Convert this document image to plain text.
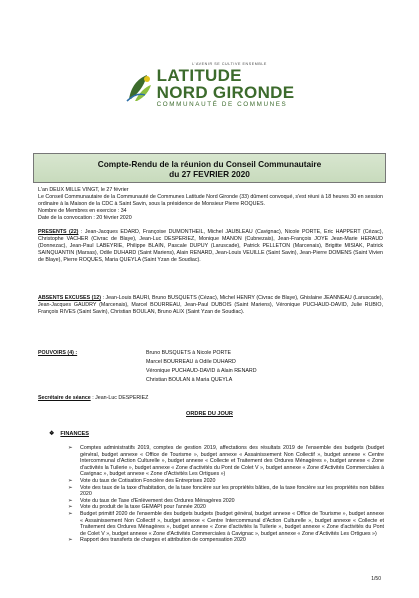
L'AVENIR SE CULTIVE ENSEMBLE
LATITUDE
NORD GIRONDE
COMMUNAUTÉ DE COMMUNES
Compte-Rendu de la réunion du Conseil Communautaire
du 27 FEVRIER 2020

L'an DEUX MILLE VINGT, le 27 février

Le Conseil Communautaire de la Communauté de Communes Latitude Nord Gironde (33) dûment convoqué, s'est réuni à 18 heures 30 en session ordinaire à la Maison de la CDC à Saint Savin, sous la présidence de Monsieur Pierre ROQUES.

Nombre de Membres en exercice : 34

Date de la convocation : 20 février 2020

PRESENTS (22) : Jean-Jacques EDARD, Françoise DUMONTHEIL, Michel JAUBLEAU (Cavignac), Nicole PORTE, Eric HAPPERT (Cézac), Christophe VACHER (Civrac de Blaye), Jean-Luc DESPERIEZ, Monique MANON (Cubnezais), Jean-François JOYE Jean-Marie HERAUD (Donnezac), Jean-Paul LABEYRIE, Philippe BLAIN, Pascale DUPUY (Laruscade), Patrick PELLETON (Marcenais), Brigitte MISIAK, Patrick SAINQUANTIN (Marsas), Odile DUHARD (Saint Mariens), Alain RENARD, Jean-Louis VEUILLE (Saint Savin), Jean-Pierre DOMENS (Saint Vivien de Blaye), Pierre ROQUES, Maria QUEYLA (Saint Yzan de Soudiac).
ABSENTS EXCUSES (12) : Jean-Louis BAURI, Bruno BUSQUETS (Cézac), Michel HENRY (Civrac de Blaye), Ghislaine JEANNEAU (Laruscade), Jean-Jacques GAUDRY (Marcenais), Marcel BOURREAU, Jean-Paul DUBOIS (Saint Mariens), Véronique PUCHAUD-DAVID, Julie RUBIO, François RIVES (Saint Savin), Christian BOULAN, Bruno ALIX (Saint Yzan de Soudiac).
POUVOIRS (4) :	Bruno BUSQUETS à Nicole PORTE
Marcel BOURREAU à Odile DUHARD
Véronique PUCHAUD-DAVID à Alain RENARD
Christian BOULAN à Maria QUEYLA
Secrétaire de séance : Jean-Luc DESPERIEZ
ORDRE DU JOUR
❖ FINANCES
➢ Comptes administratifs 2019, comptes de gestion 2019, affectations des résultats 2019 de l'ensemble des budgets (budget général, budget annexe « Office de Tourisme », budget annexe « Assainissement Non Collectif », budget annexe « Centre Intercommunal d'Action Culturelle », budget annexe « Collecte et Traitement des Ordures Ménagères », budget annexe « Zone d'activités la Tuilerie », budget annexe « Zone d'activités du Pont de Colet V », budget annexe « Zone d'Activités Commerciales à Cavignac », budget annexe « Zone d'Activités Les Ortigues »)
➢ Vote du taux de Cotisation Foncière des Entreprises 2020
➢ Vote des taux de la taxe d'habitation, de la taxe foncière sur les propriétés bâties, de la taxe foncière sur les propriétés non bâties 2020
➢ Vote du taux de Taxe d'Enlèvement des Ordures Ménagères 2020
➢ Vote du produit de la taxe GEMAPI pour l'année 2020
➢ Budget primitif 2020 de l'ensemble des budgets budgets (budget général, budget annexe « Office de Tourisme », budget annexe « Assainissement Non Collectif », budget annexe « Centre Intercommunal d'Action Culturelle », budget annexe « Collecte et Traitement des Ordures Ménagères », budget annexe « Zone d'activités la Tuilerie », budget annexe « Zone d'activités du Pont de Colet V », budget annexe « Zone d'Activités Commerciales à Cavignac », budget annexe « Zone d'Activités Les Ortigues »)
➢ Rapport des transferts de charges et attribution de compensation 2020
1/50
